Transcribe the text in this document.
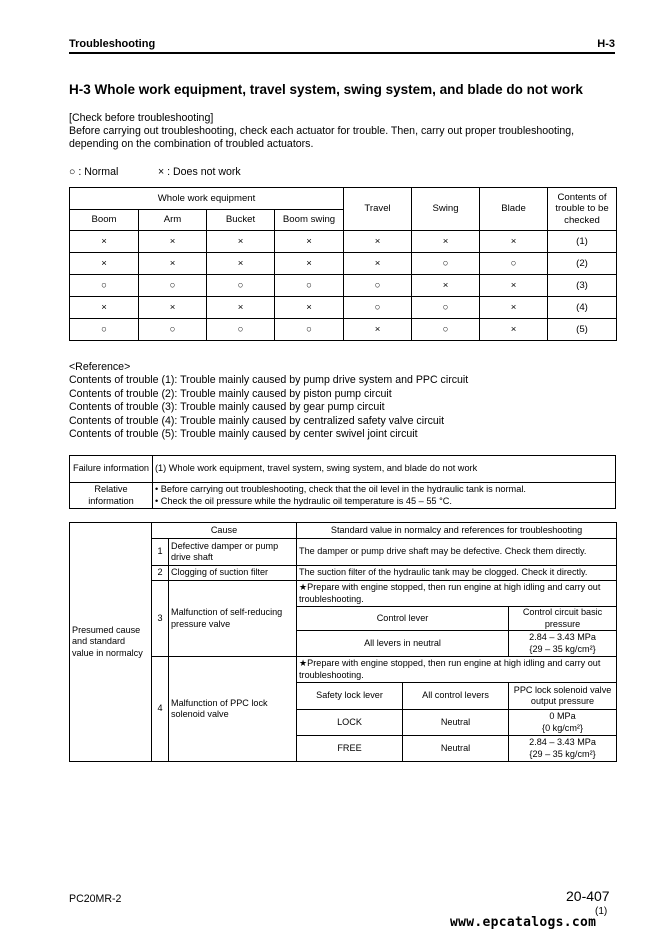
Troubleshooting	H-3
H-3 Whole work equipment, travel system, swing system, and blade do not work
[Check before troubleshooting]
Before carrying out troubleshooting, check each actuator for trouble. Then, carry out proper troubleshooting, depending on the combination of troubled actuators.
○ : Normal	× : Does not work
Whole work equipment				Travel	Swing	Blade	Contents of trouble to be checked
Boom	Arm	Bucket	Boom swing				
×	×	×	×	×	×	×	(1)
×	×	×	×	×	○	○	(2)
○	○	○	○	○	×	×	(3)
×	×	×	×	○	○	×	(4)
○	○	○	○	×	○	×	(5)
<Reference>
Contents of trouble (1): Trouble mainly caused by pump drive system and PPC circuit
Contents of trouble (2): Trouble mainly caused by piston pump circuit
Contents of trouble (3): Trouble mainly caused by gear pump circuit
Contents of trouble (4): Trouble mainly caused by centralized safety valve circuit
Contents of trouble (5): Trouble mainly caused by center swivel joint circuit
Failure information	(1) Whole work equipment, travel system, swing system, and blade do not work
Relative information	• Before carrying out troubleshooting, check that the oil level in the hydraulic tank is normal.
• Check the oil pressure while the hydraulic oil temperature is 45 – 55 °C.
Presumed cause and standard value in normalcy	Cause		Standard value in normalcy and references for troubleshooting		
	1	Defective damper or pump drive shaft	The damper or pump drive shaft may be defective. Check them directly.		
	2	Clogging of suction filter	The suction filter of the hydraulic tank may be clogged. Check it directly.		
	3	Malfunction of self-reducing pressure valve	★Prepare with engine stopped, then run engine at high idling and carry out troubleshooting.		
			Control lever		Control circuit basic pressure
			All levers in neutral		2.84 – 3.43 MPa
{29 – 35 kg/cm²}

	4	Malfunction of PPC lock solenoid valve	★Prepare with engine stopped, then run engine at high idling and carry out troubleshooting.		
			Safety lock lever	All control levers	PPC lock solenoid valve output pressure
			LOCK	Neutral	0 MPa
{0 kg/cm²}

			FREE	Neutral	2.84 – 3.43 MPa
{29 – 35 kg/cm²}
PC20MR-2	20-407
(1)
www.epcatalogs.com
